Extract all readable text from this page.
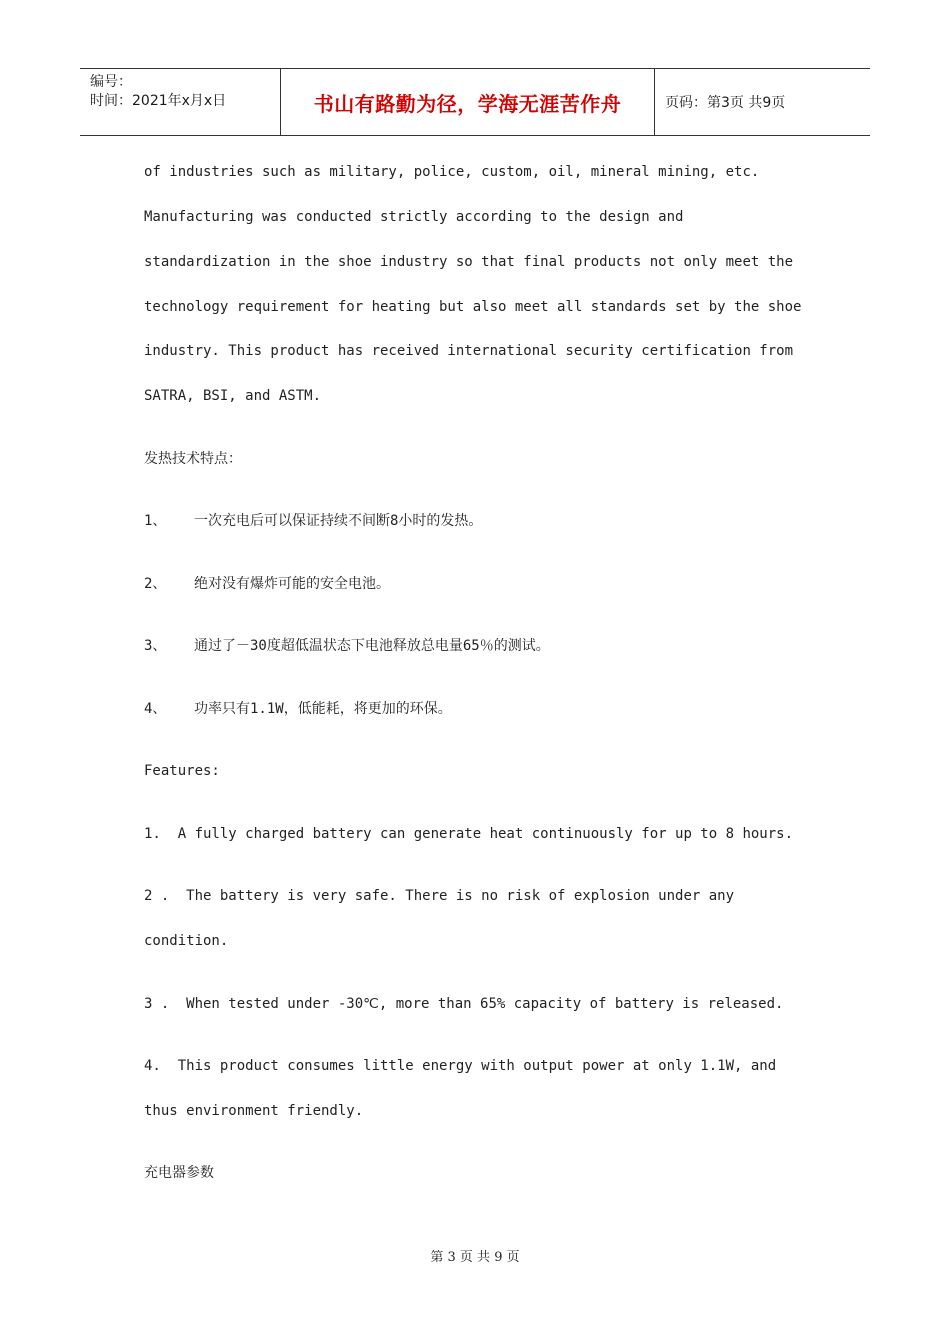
编号：
时间：2021年x月x日	书山有路勤为径，学海无涯苦作舟	页码：第3页 共9页
of industries such as military, police, custom, oil, mineral mining, etc.
Manufacturing was conducted strictly according to the design and
standardization in the shoe industry so that final products not only meet the
technology requirement for heating but also meet all standards set by the shoe
industry. This product has received international security certification from
SATRA, BSI, and ASTM.
发热技术特点：
1、 一次充电后可以保证持续不间断8小时的发热。
2、 绝对没有爆炸可能的安全电池。
3、 通过了－30度超低温状态下电池释放总电量65％的测试。
4、 功率只有1.1W，低能耗，将更加的环保。
Features:
1.  A fully charged battery can generate heat continuously for up to 8 hours.
2 .  The battery is very safe. There is no risk of explosion under any
condition.
3 .  When tested under -30℃, more than 65% capacity of battery is released.
4.  This product consumes little energy with output power at only 1.1W, and
thus environment friendly.
充电器参数
第 3 页 共 9 页
